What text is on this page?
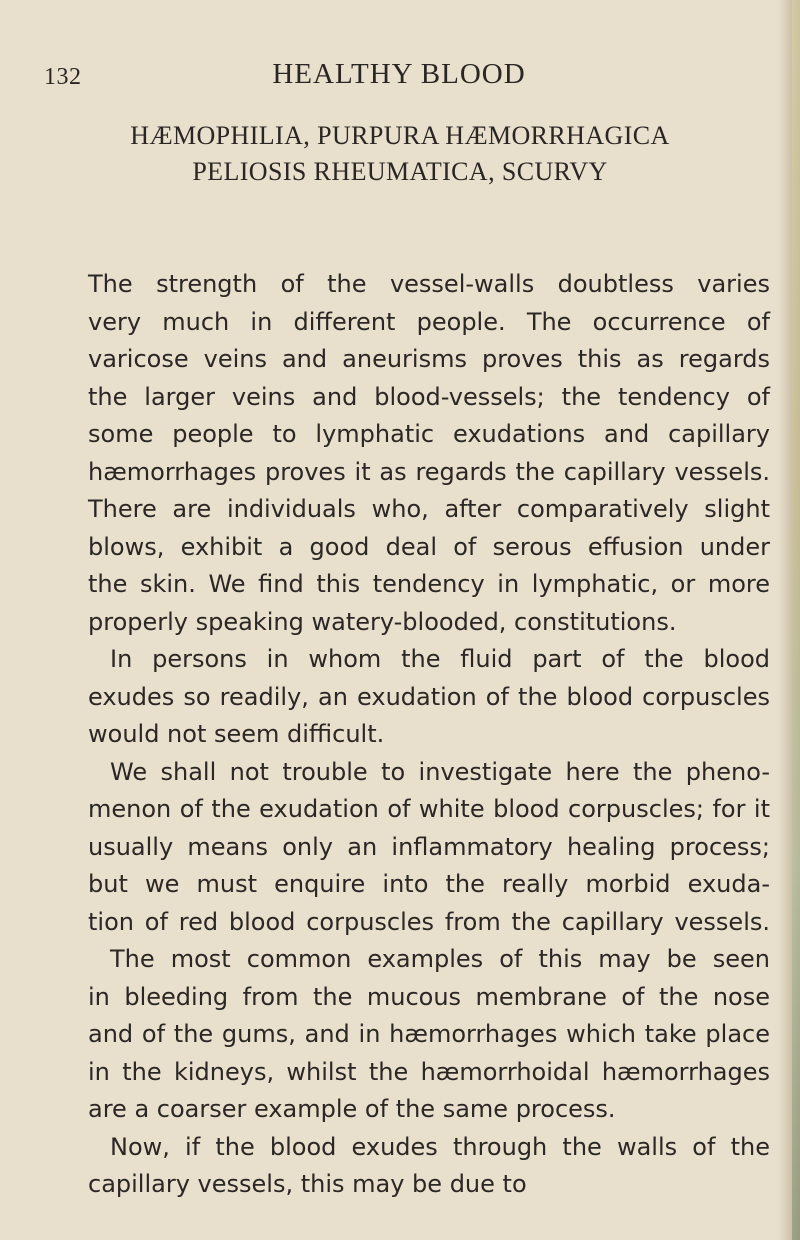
132	HEALTHY BLOOD
HÆMOPHILIA, PURPURA HÆMORRHAGICA
PELIOSIS RHEUMATICA, SCURVY
The strength of the vessel-walls doubtless varies
very much in different people. The occurrence of
varicose veins and aneurisms proves this as regards
the larger veins and blood-vessels; the tendency of
some people to lymphatic exudations and capillary
hæmorrhages proves it as regards the capillary vessels.
There are individuals who, after comparatively slight
blows, exhibit a good deal of serous effusion under
the skin. We find this tendency in lymphatic, or more
properly speaking watery-blooded, constitutions.
In persons in whom the fluid part of the blood
exudes so readily, an exudation of the blood corpuscles
would not seem difficult.
We shall not trouble to investigate here the pheno-
menon of the exudation of white blood corpuscles; for it
usually means only an inflammatory healing process;
but we must enquire into the really morbid exuda-
tion of red blood corpuscles from the capillary vessels.
The most common examples of this may be seen
in bleeding from the mucous membrane of the nose
and of the gums, and in hæmorrhages which take place
in the kidneys, whilst the hæmorrhoidal hæmorrhages
are a coarser example of the same process.
Now, if the blood exudes through the walls of the
capillary vessels, this may be due to
